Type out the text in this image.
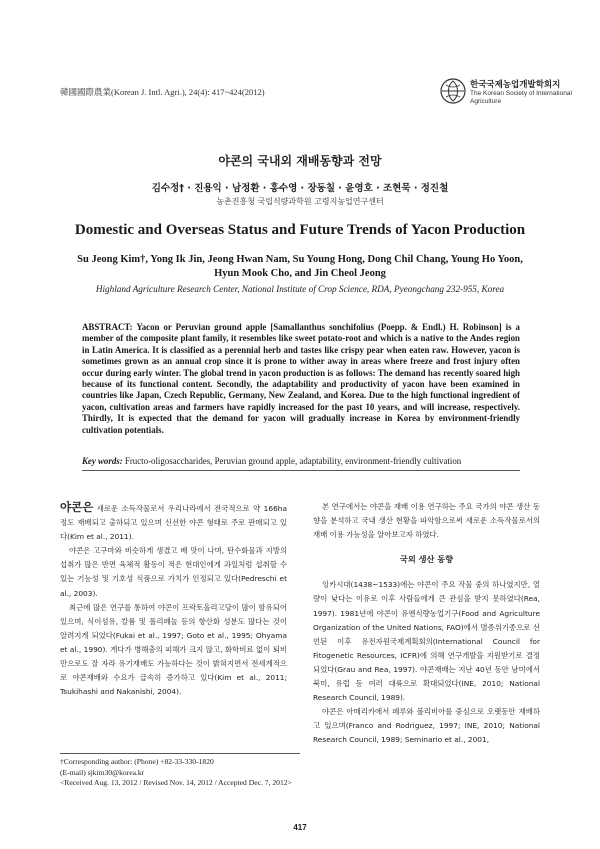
韓國國際農業(Korean J. Intl. Agri.), 24(4): 417~424(2012)
한국국제농업개발학회지
The Korean Society of International
Agriculture
야콘의 국내외 재배동향과 전망
김수정† · 진용익 · 남정환 · 홍수영 · 장동칠 · 윤영호 · 조현묵 · 정진철
농촌진흥청 국립식량과학원 고령지농업연구센터
Domestic and Overseas Status and Future Trends of Yacon Production
Su Jeong Kim†, Yong Ik Jin, Jeong Hwan Nam, Su Young Hong, Dong Chil Chang, Young Ho Yoon,
Hyun Mook Cho, and Jin Cheol Jeong
Highland Agriculture Research Center, National Institute of Crop Science, RDA, Pyeongchang 232-955, Korea

ABSTRACT: Yacon or Peruvian ground apple [Samallanthus sonchifolius (Poepp. & Endl.) H. Robinson] is a member of the composite plant family, it resembles like sweet potato-root and which is a native to the Andes region in Latin America. It is classified as a perennial herb and tastes like crispy pear when eaten raw. However, yacon is sometimes grown as an annual crop since it is prone to wither away in areas where freeze and frost injury often occur during early winter. The global trend in yacon production is as follows: The demand has recently soared high because of its functional content. Secondly, the adaptability and productivity of yacon have been examined in countries like Japan, Czech Republic, Germany, New Zealand, and Korea. Due to the high functional ingredient of yacon, cultivation areas and farmers have rapidly increased for the past 10 years, and will increase, respectively. Thirdly, It is expected that the demand for yacon will gradually increase in Korea by environment-friendly cultivation potentials.

Key words: Fructo-oligosaccharides, Peruvian ground apple, adaptability, environment-friendly cultivation

야콘은 새로운 소득작물로서 우리나라에서 전국적으로 약 166ha 정도 재배되고 출하되고 있으며 신선한 야콘 형태로 주로 판매되고 있다(Kim et al., 2011).

야콘은 고구마와 비슷하게 생겼고 배 맛이 나며, 탄수화물과 지방의 섭취가 많은 반면 육체적 활동이 적은 현대인에게 과일처럼 섭취할 수 있는 기능성 및 기호성 식품으로 가치가 인정되고 있다(Pedreschi et al., 2003).

최근에 많은 연구를 통하여 야콘이 프락토올리고당이 많이 함유되어 있으며, 식이섬유, 칼륨 및 폴리페놀 등의 항산화 성분도 많다는 것이 알려지게 되었다(Fukai et al., 1997; Goto et al., 1995; Ohyama et al., 1990). 게다가 병해충의 피해가 크지 않고, 화학비료 없이 퇴비만으로도 잘 자라 유기재배도 가능하다는 것이 밝혀지면서 전세계적으로 야콘재배와 수요가 급속히 증가하고 있다(Kim et al., 2011; Tsukihashi and Nakanishi, 2004).

본 연구에서는 야콘을 재배 이용 연구하는 주요 국가의 야콘 생산 동향을 분석하고 국내 생산 현황을 파악함으로써 새로운 소득작물로서의 재배 이용 가능성을 알아보고자 하였다.

국외 생산 동향

잉카시대(1438~1533)에는 야콘이 주요 작물 중의 하나였지만, 열량이 낮다는 이유로 이후 사람들에게 큰 관심을 받지 못하였다(Rea, 1997). 1981년에 야콘이 유엔식량농업기구(Food and Agriculture Organization of the United Nations, FAO)에서 멸종위기종으로 선언된 이후 유전자원국제계획회의(International Council for Fitogenetic Resources, ICFR)에 의해 연구개발을 지원받기로 결정되었다(Grau and Rea, 1997). 야콘재배는 지난 40년 동안 남미에서 북미, 유럽 등 여러 대륙으로 확대되었다(INE, 2010; National Research Council, 1989).

야콘은 아메리카에서 페루와 볼리비아를 중심으로 오랫동안 재배하고 있으며(Franco and Rodriguez, 1997; INE, 2010; National Research Council, 1989; Seminario et al., 2001,

†Corresponding author: (Phone) +82-33-330-1820
(E-mail) sjkim30@korea.kr
<Received Aug. 13, 2012 / Revised Nov. 14, 2012 / Accepted Dec. 7, 2012>
417
